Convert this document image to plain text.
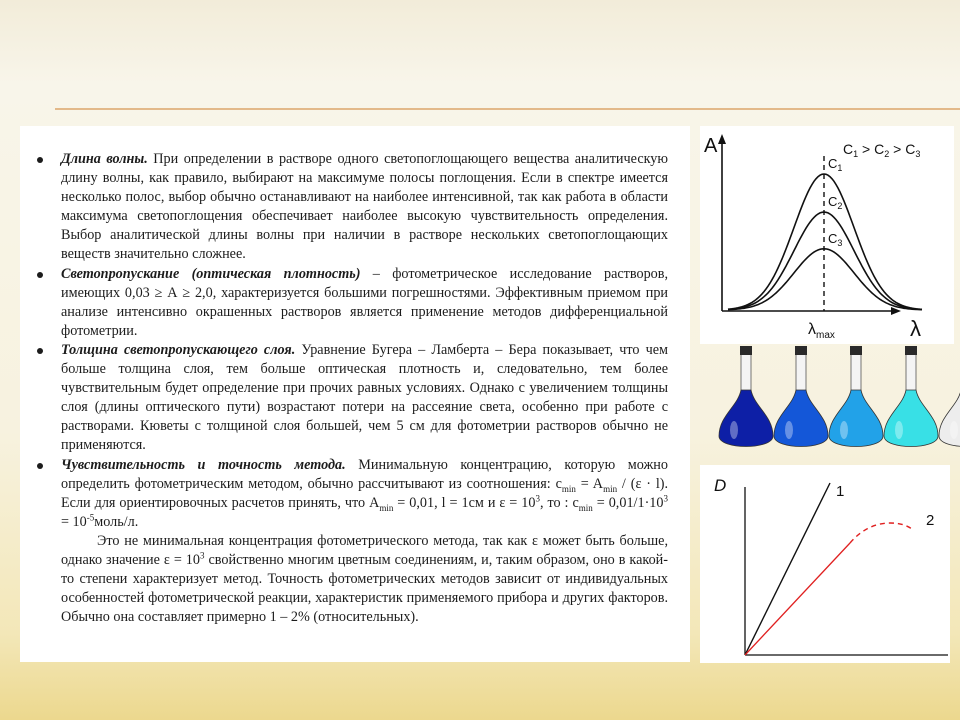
Длина волны. При определении в растворе одного светопоглощающего вещества аналитическую длину волны, как правило, выбирают на максимуме полосы поглощения. Если в спектре имеется несколько полос, выбор обычно останавливают на наиболее интенсивной, так как работа в области максимума светопоглощения обеспечивает наиболее высокую чувствительность определения. Выбор аналитической длины волны при наличии в растворе нескольких светопоглощающих веществ значительно сложнее.
Светопропускание (оптическая плотность) – фотометрическое исследование растворов, имеющих 0,03 ≥ А ≥ 2,0, характеризуется большими погрешностями. Эффективным приемом при анализе интенсивно окрашенных растворов является применение методов дифференциальной фотометрии.
Толщина светопропускающего слоя. Уравнение Бугера – Ламберта – Бера показывает, что чем больше толщина слоя, тем больше оптическая плотность и, следовательно, тем более чувствительным будет определение при прочих равных условиях. Однако с увеличением толщины слоя (длины оптического пути) возрастают потери на рассеяние света, особенно при работе с растворами. Кюветы с толщиной слоя большей, чем 5 см для фотометрии растворов обычно не применяются.
Чувствительность и точность метода. Минимальную концентрацию, которую можно определить фотометрическим методом, обычно рассчитывают из соотношения: $c_{min} = A_{min} / (\varepsilon \cdot l)$. Если для ориентировочных расчетов принять, что $A_{min} = 0,01$, l = 1см и $\varepsilon = 10^3$, то : $c_{min} = 0,01/1\cdot 10^3$ = $10^{-5}моль/л$.
Это не минимальная концентрация фотометрического метода, так как ε может быть больше, однако значение $\varepsilon = 10^3$ свойственно многим цветным соединениям, и, таким образом, оно в какой-то степени характеризует метод. Точность фотометрических методов зависит от индивидуальных особенностей фотометрической реакции, характеристик применяемого прибора и других факторов. Обычно она составляет примерно 1 – 2% (относительных).
A
λ
$C_1 > C_2 > C_3$
$\lambda_{max}$
$C_1$
$C_2$
$C_3$
D	1
2
